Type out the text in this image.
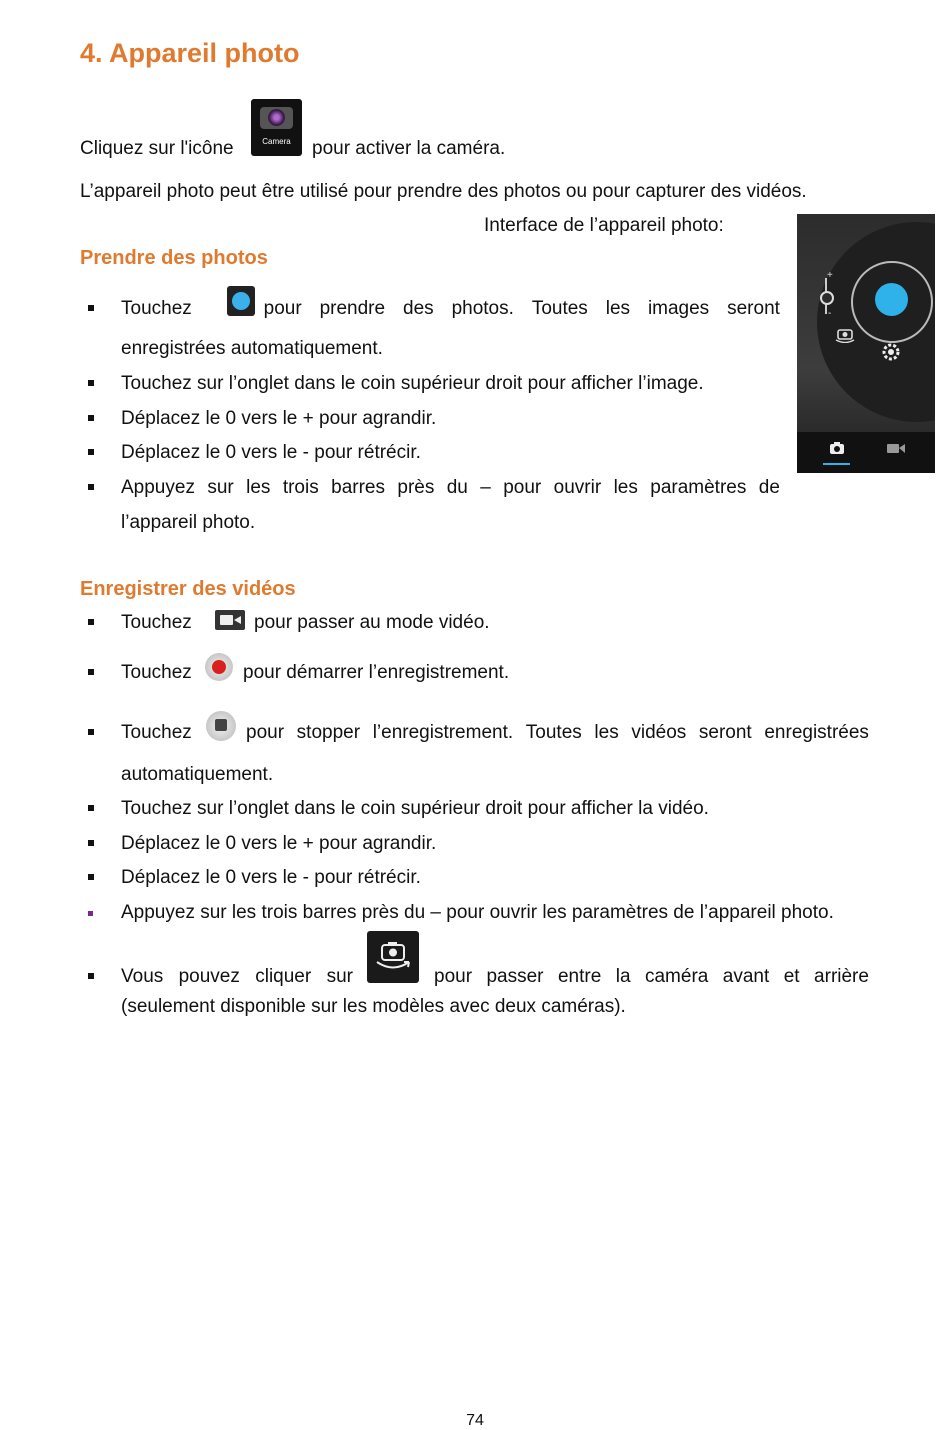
4. Appareil photo
Cliquez sur l'icône	Camera	pour activer la caméra.
L’appareil photo peut être utilisé pour prendre des photos ou pour capturer des vidéos.
Interface de l’appareil photo:
+
-
Prendre des photos
Touchez	pour prendre des photos. Toutes les images seront
enregistrées automatiquement.
Touchez sur l’onglet dans le coin supérieur droit pour afficher l’image.
Déplacez le 0 vers le + pour agrandir.
Déplacez le 0 vers le - pour rétrécir.
Appuyez sur les trois barres près du – pour ouvrir les paramètres de
l’appareil photo.
Enregistrer des vidéos
Touchez	pour passer au mode vidéo.
Touchez	pour démarrer l’enregistrement.
Touchez	pour stopper l’enregistrement. Toutes les vidéos seront enregistrées
automatiquement.
Touchez sur l’onglet dans le coin supérieur droit pour afficher la vidéo.
Déplacez le 0 vers le + pour agrandir.
Déplacez le 0 vers le - pour rétrécir.
Appuyez sur les trois barres près du – pour ouvrir les paramètres de l’appareil photo.
Vous pouvez cliquer sur	pour passer entre la caméra avant et arrière
(seulement disponible sur les modèles avec deux caméras).
74
